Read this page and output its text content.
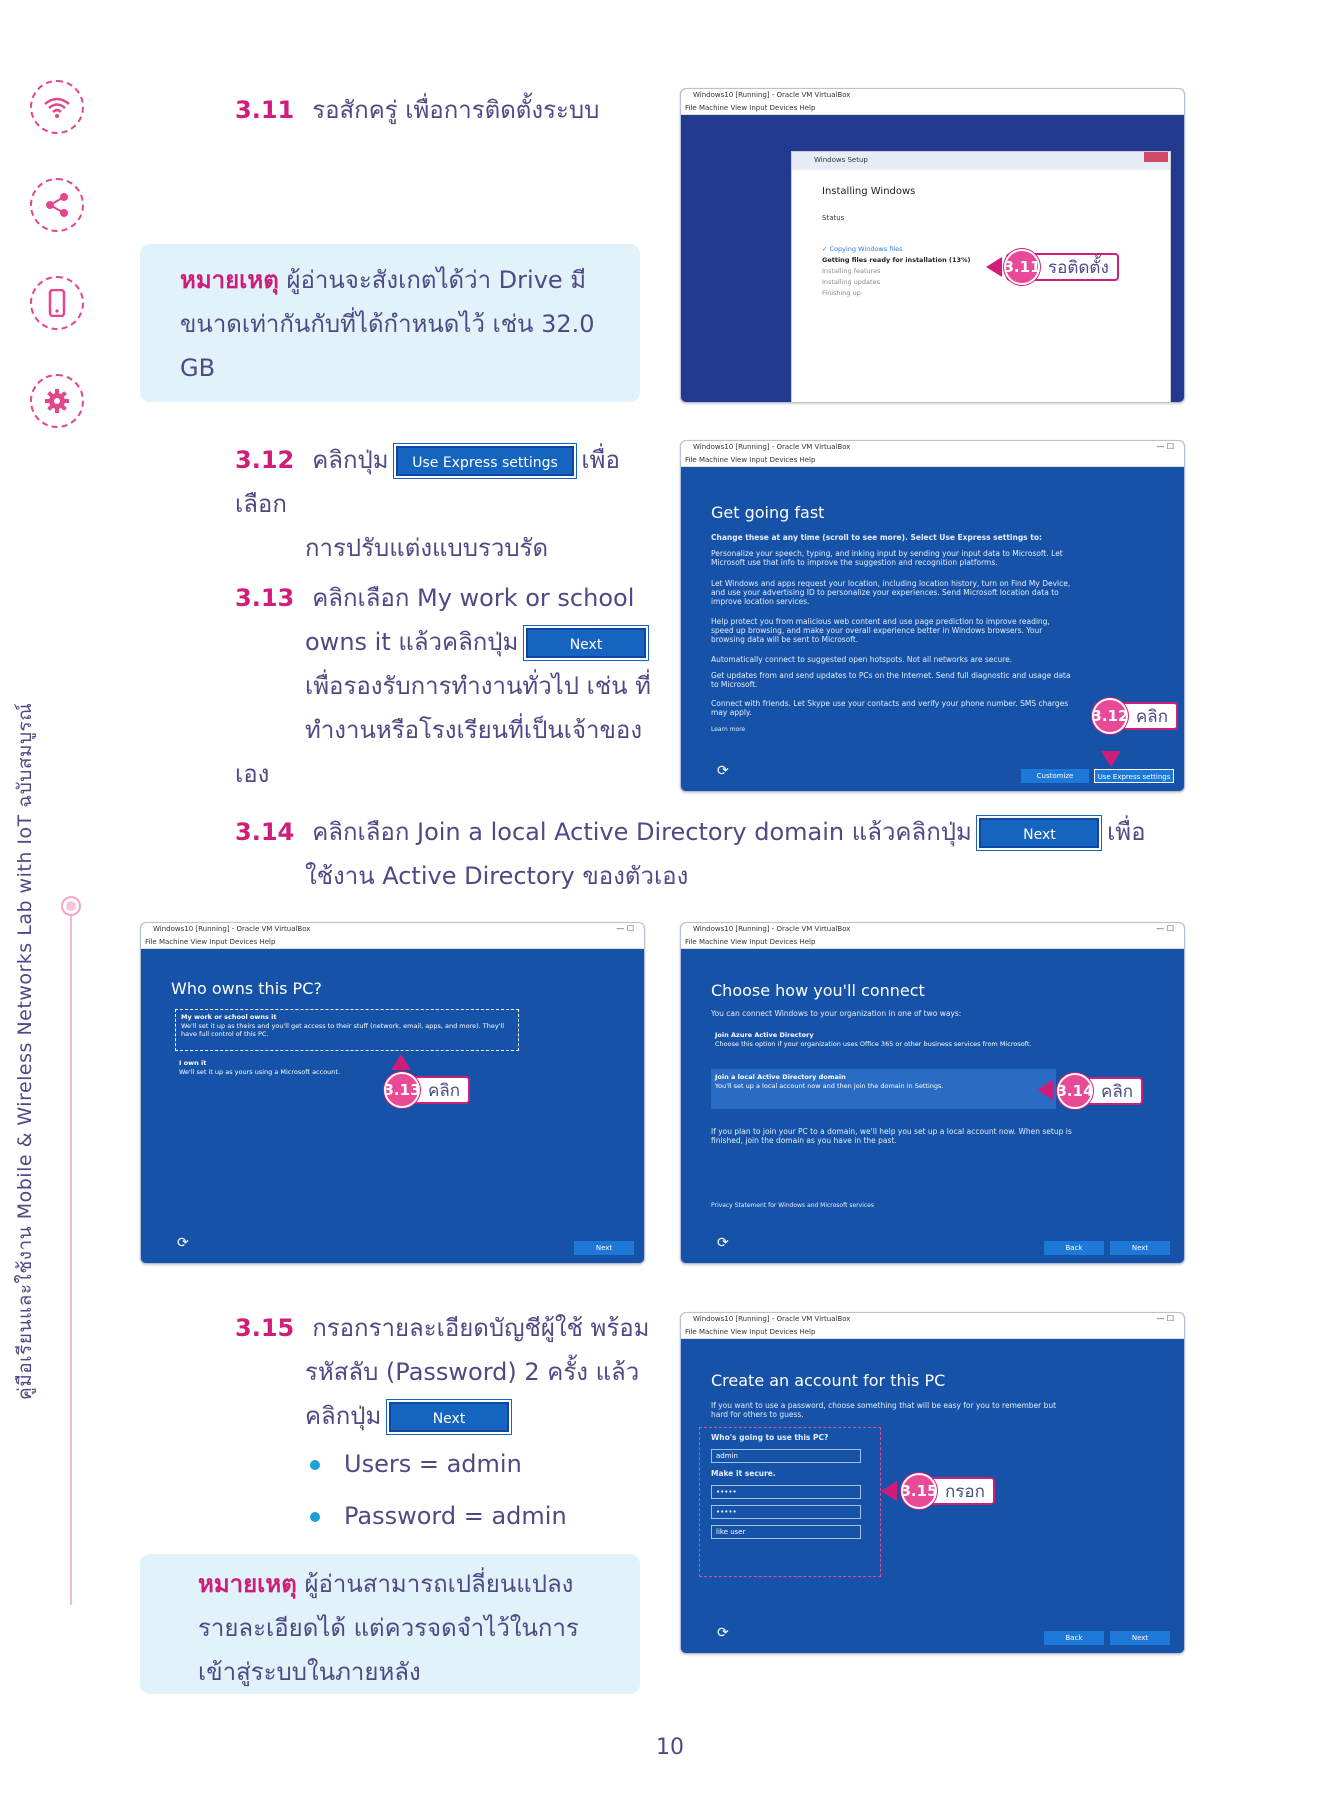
คู่มือเรียนและใช้งาน Mobile & Wireless Networks Lab with IoT ฉบับสมบูรณ์
3.11 รอสักครู่ เพื่อการติดตั้งระบบ
หมายเหตุ ผู้อ่านจะสังเกตได้ว่า Drive มีขนาดเท่ากันกับที่ได้กำหนดไว้ เช่น 32.0 GB
3.12 คลิกปุ่ม Use Express settings เพื่อเลือก
การปรับแต่งแบบรวบรัด
3.13 คลิกเลือก My work or school
owns it แล้วคลิกปุ่ม	Next
เพื่อรองรับการทำงานทั่วไป เช่น ที่
ทำงานหรือโรงเรียนที่เป็นเจ้าของเอง
3.14 คลิกเลือก Join a local Active Directory domain แล้วคลิกปุ่ม	Next เพื่อ
ใช้งาน Active Directory ของตัวเอง
3.15 กรอกรายละเอียดบัญชีผู้ใช้ พร้อม
รหัสลับ (Password) 2 ครั้ง แล้ว
คลิกปุ่ม	Next
Users = admin
Password = admin
หมายเหตุ ผู้อ่านสามารถเปลี่ยนแปลงรายละเอียดได้ แต่ควรจดจำไว้ในการเข้าสู่ระบบในภายหลัง
Windows10 [Running] - Oracle VM VirtualBox
File Machine View Input Devices Help
Windows Setup
Installing Windows
Status
✓ Copying Windows files
Getting files ready for installation (13%)
Installing features
Installing updates
Finishing up
3.11 รอติดตั้ง
Windows10 [Running] - Oracle VM VirtualBox	— ☐
File Machine View Input Devices Help
Get going fast
Change these at any time (scroll to see more). Select Use Express settings to:
Personalize your speech, typing, and inking input by sending your input data to Microsoft. Let Microsoft use that info to improve the suggestion and recognition platforms.
Let Windows and apps request your location, including location history, turn on Find My Device, and use your advertising ID to personalize your experiences. Send Microsoft location data to improve location services.
Help protect you from malicious web content and use page prediction to improve reading, speed up browsing, and make your overall experience better in Windows browsers. Your browsing data will be sent to Microsoft.
Automatically connect to suggested open hotspots. Not all networks are secure.
Get updates from and send updates to PCs on the Internet. Send full diagnostic and usage data to Microsoft.
Connect with friends. Let Skype use your contacts and verify your phone number. SMS charges may apply.
Learn more
⟳	Customize	Use Express settings
3.12 คลิก
Windows10 [Running] - Oracle VM VirtualBox	— ☐
File Machine View Input Devices Help
Who owns this PC?
My work or school owns it
We'll set it up as theirs and you'll get access to their stuff (network, email, apps, and more). They'll have full control of this PC.
I own it
We'll set it up as yours using a Microsoft account.
3.13 คลิก
⟳	Next
Windows10 [Running] - Oracle VM VirtualBox	— ☐
File Machine View Input Devices Help
Choose how you'll connect
You can connect Windows to your organization in one of two ways:
Join Azure Active Directory
Choose this option if your organization uses Office 365 or other business services from Microsoft.
Join a local Active Directory domain
You'll set up a local account now and then join the domain in Settings.	3.14 คลิก
If you plan to join your PC to a domain, we'll help you set up a local account now. When setup is finished, join the domain as you have in the past.
Privacy Statement for Windows and Microsoft services
⟳	Back	Next
Windows10 [Running] - Oracle VM VirtualBox	— ☐
File Machine View Input Devices Help
Create an account for this PC
If you want to use a password, choose something that will be easy for you to remember but hard for others to guess.
Who's going to use this PC?
admin
Make it secure.
•••••
•••••
like user
3.15 กรอก
⟳	Back	Next
10
